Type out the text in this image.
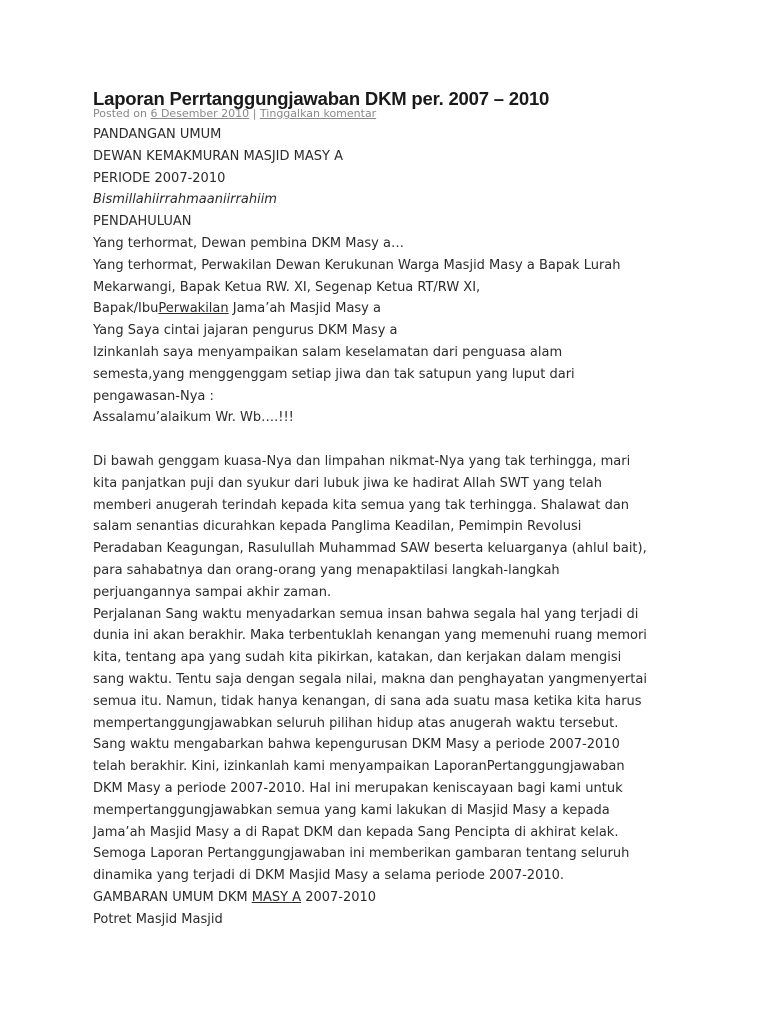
Laporan Perrtanggungjawaban DKM per. 2007 – 2010
Posted on 6 Desember 2010 | Tinggalkan komentar
PANDANGAN UMUM
DEWAN KEMAKMURAN MASJID MASY A
PERIODE 2007-2010
Bismillahiirrahmaaniirrahiim
PENDAHULUAN
Yang terhormat, Dewan pembina DKM Masy a…
Yang terhormat, Perwakilan Dewan Kerukunan Warga Masjid Masy a Bapak Lurah
Mekarwangi, Bapak Ketua RW. XI, Segenap Ketua RT/RW XI,
Bapak/IbuPerwakilan Jama’ah Masjid Masy a
Yang Saya cintai jajaran pengurus DKM Masy a
Izinkanlah saya menyampaikan salam keselamatan dari penguasa alam
semesta,yang menggenggam setiap jiwa dan tak satupun yang luput dari
pengawasan-Nya :
Assalamu’alaikum Wr. Wb….!!!
Di bawah genggam kuasa-Nya dan limpahan nikmat-Nya yang tak terhingga, mari
kita panjatkan puji dan syukur dari lubuk jiwa ke hadirat Allah SWT yang telah
memberi anugerah terindah kepada kita semua yang tak terhingga. Shalawat dan
salam senantias dicurahkan kepada Panglima Keadilan, Pemimpin Revolusi
Peradaban Keagungan, Rasulullah Muhammad SAW beserta keluarganya (ahlul bait),
para sahabatnya dan orang-orang yang menapaktilasi langkah-langkah
perjuangannya sampai akhir zaman.
Perjalanan Sang waktu menyadarkan semua insan bahwa segala hal yang terjadi di
dunia ini akan berakhir. Maka terbentuklah kenangan yang memenuhi ruang memori
kita, tentang apa yang sudah kita pikirkan, katakan, dan kerjakan dalam mengisi
sang waktu. Tentu saja dengan segala nilai, makna dan penghayatan yangmenyertai
semua itu. Namun, tidak hanya kenangan, di sana ada suatu masa ketika kita harus
mempertanggungjawabkan seluruh pilihan hidup atas anugerah waktu tersebut.
Sang waktu mengabarkan bahwa kepengurusan DKM Masy a periode 2007-2010
telah berakhir. Kini, izinkanlah kami menyampaikan LaporanPertanggungjawaban
DKM Masy a periode 2007-2010. Hal ini merupakan keniscayaan bagi kami untuk
mempertanggungjawabkan semua yang kami lakukan di Masjid Masy a kepada
Jama’ah Masjid Masy a di Rapat DKM dan kepada Sang Pencipta di akhirat kelak.
Semoga Laporan Pertanggungjawaban ini memberikan gambaran tentang seluruh
dinamika yang terjadi di DKM Masjid Masy a selama periode 2007-2010.
GAMBARAN UMUM DKM MASY A 2007-2010
Potret Masjid Masjid
